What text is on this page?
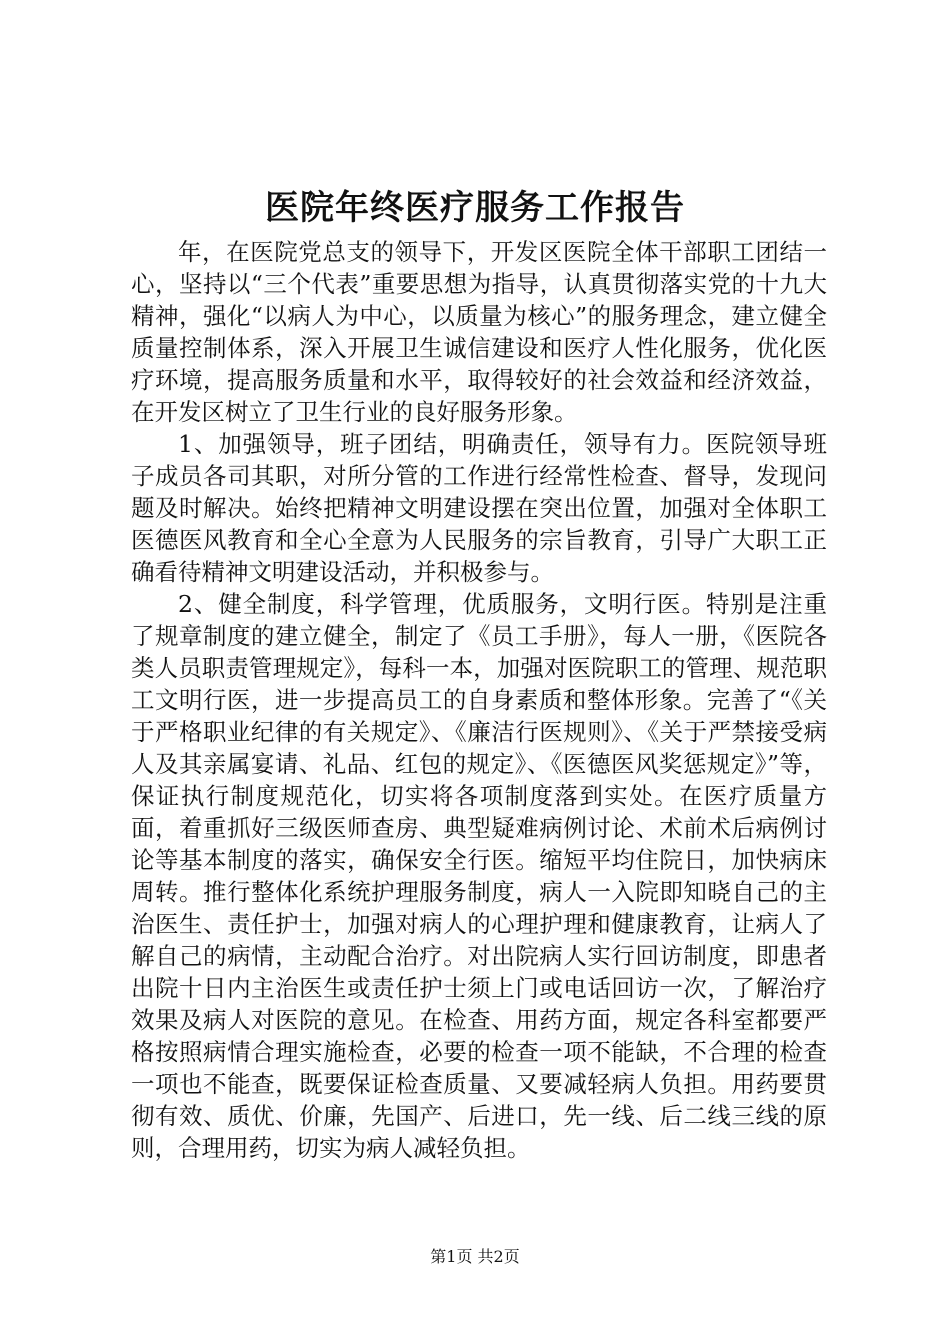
医院年终医疗服务工作报告

年，在医院党总支的领导下，开发区医院全体干部职工团结一心，坚持以“三个代表”重要思想为指导，认真贯彻落实党的十九大精神，强化“以病人为中心，以质量为核心”的服务理念，建立健全质量控制体系，深入开展卫生诚信建设和医疗人性化服务，优化医疗环境，提高服务质量和水平，取得较好的社会效益和经济效益，在开发区树立了卫生行业的良好服务形象。

1、加强领导，班子团结，明确责任，领导有力。医院领导班子成员各司其职，对所分管的工作进行经常性检查、督导，发现问题及时解决。始终把精神文明建设摆在突出位置，加强对全体职工医德医风教育和全心全意为人民服务的宗旨教育，引导广大职工正确看待精神文明建设活动，并积极参与。

2、健全制度，科学管理，优质服务，文明行医。特别是注重了规章制度的建立健全，制定了《员工手册》，每人一册，《医院各类人员职责管理规定》，每科一本，加强对医院职工的管理、规范职工文明行医，进一步提高员工的自身素质和整体形象。完善了“《关于严格职业纪律的有关规定》、《廉洁行医规则》、《关于严禁接受病人及其亲属宴请、礼品、红包的规定》、《医德医风奖惩规定》”等，保证执行制度规范化，切实将各项制度落到实处。在医疗质量方面，着重抓好三级医师查房、典型疑难病例讨论、术前术后病例讨论等基本制度的落实，确保安全行医。缩短平均住院日，加快病床周转。推行整体化系统护理服务制度，病人一入院即知晓自己的主治医生、责任护士，加强对病人的心理护理和健康教育，让病人了解自己的病情，主动配合治疗。对出院病人实行回访制度，即患者出院十日内主治医生或责任护士须上门或电话回访一次，了解治疗效果及病人对医院的意见。在检查、用药方面，规定各科室都要严格按照病情合理实施检查，必要的检查一项不能缺，不合理的检查一项也不能查，既要保证检查质量、又要减轻病人负担。用药要贯彻有效、质优、价廉，先国产、后进口，先一线、后二线三线的原则，合理用药，切实为病人减轻负担。

第1页 共2页
